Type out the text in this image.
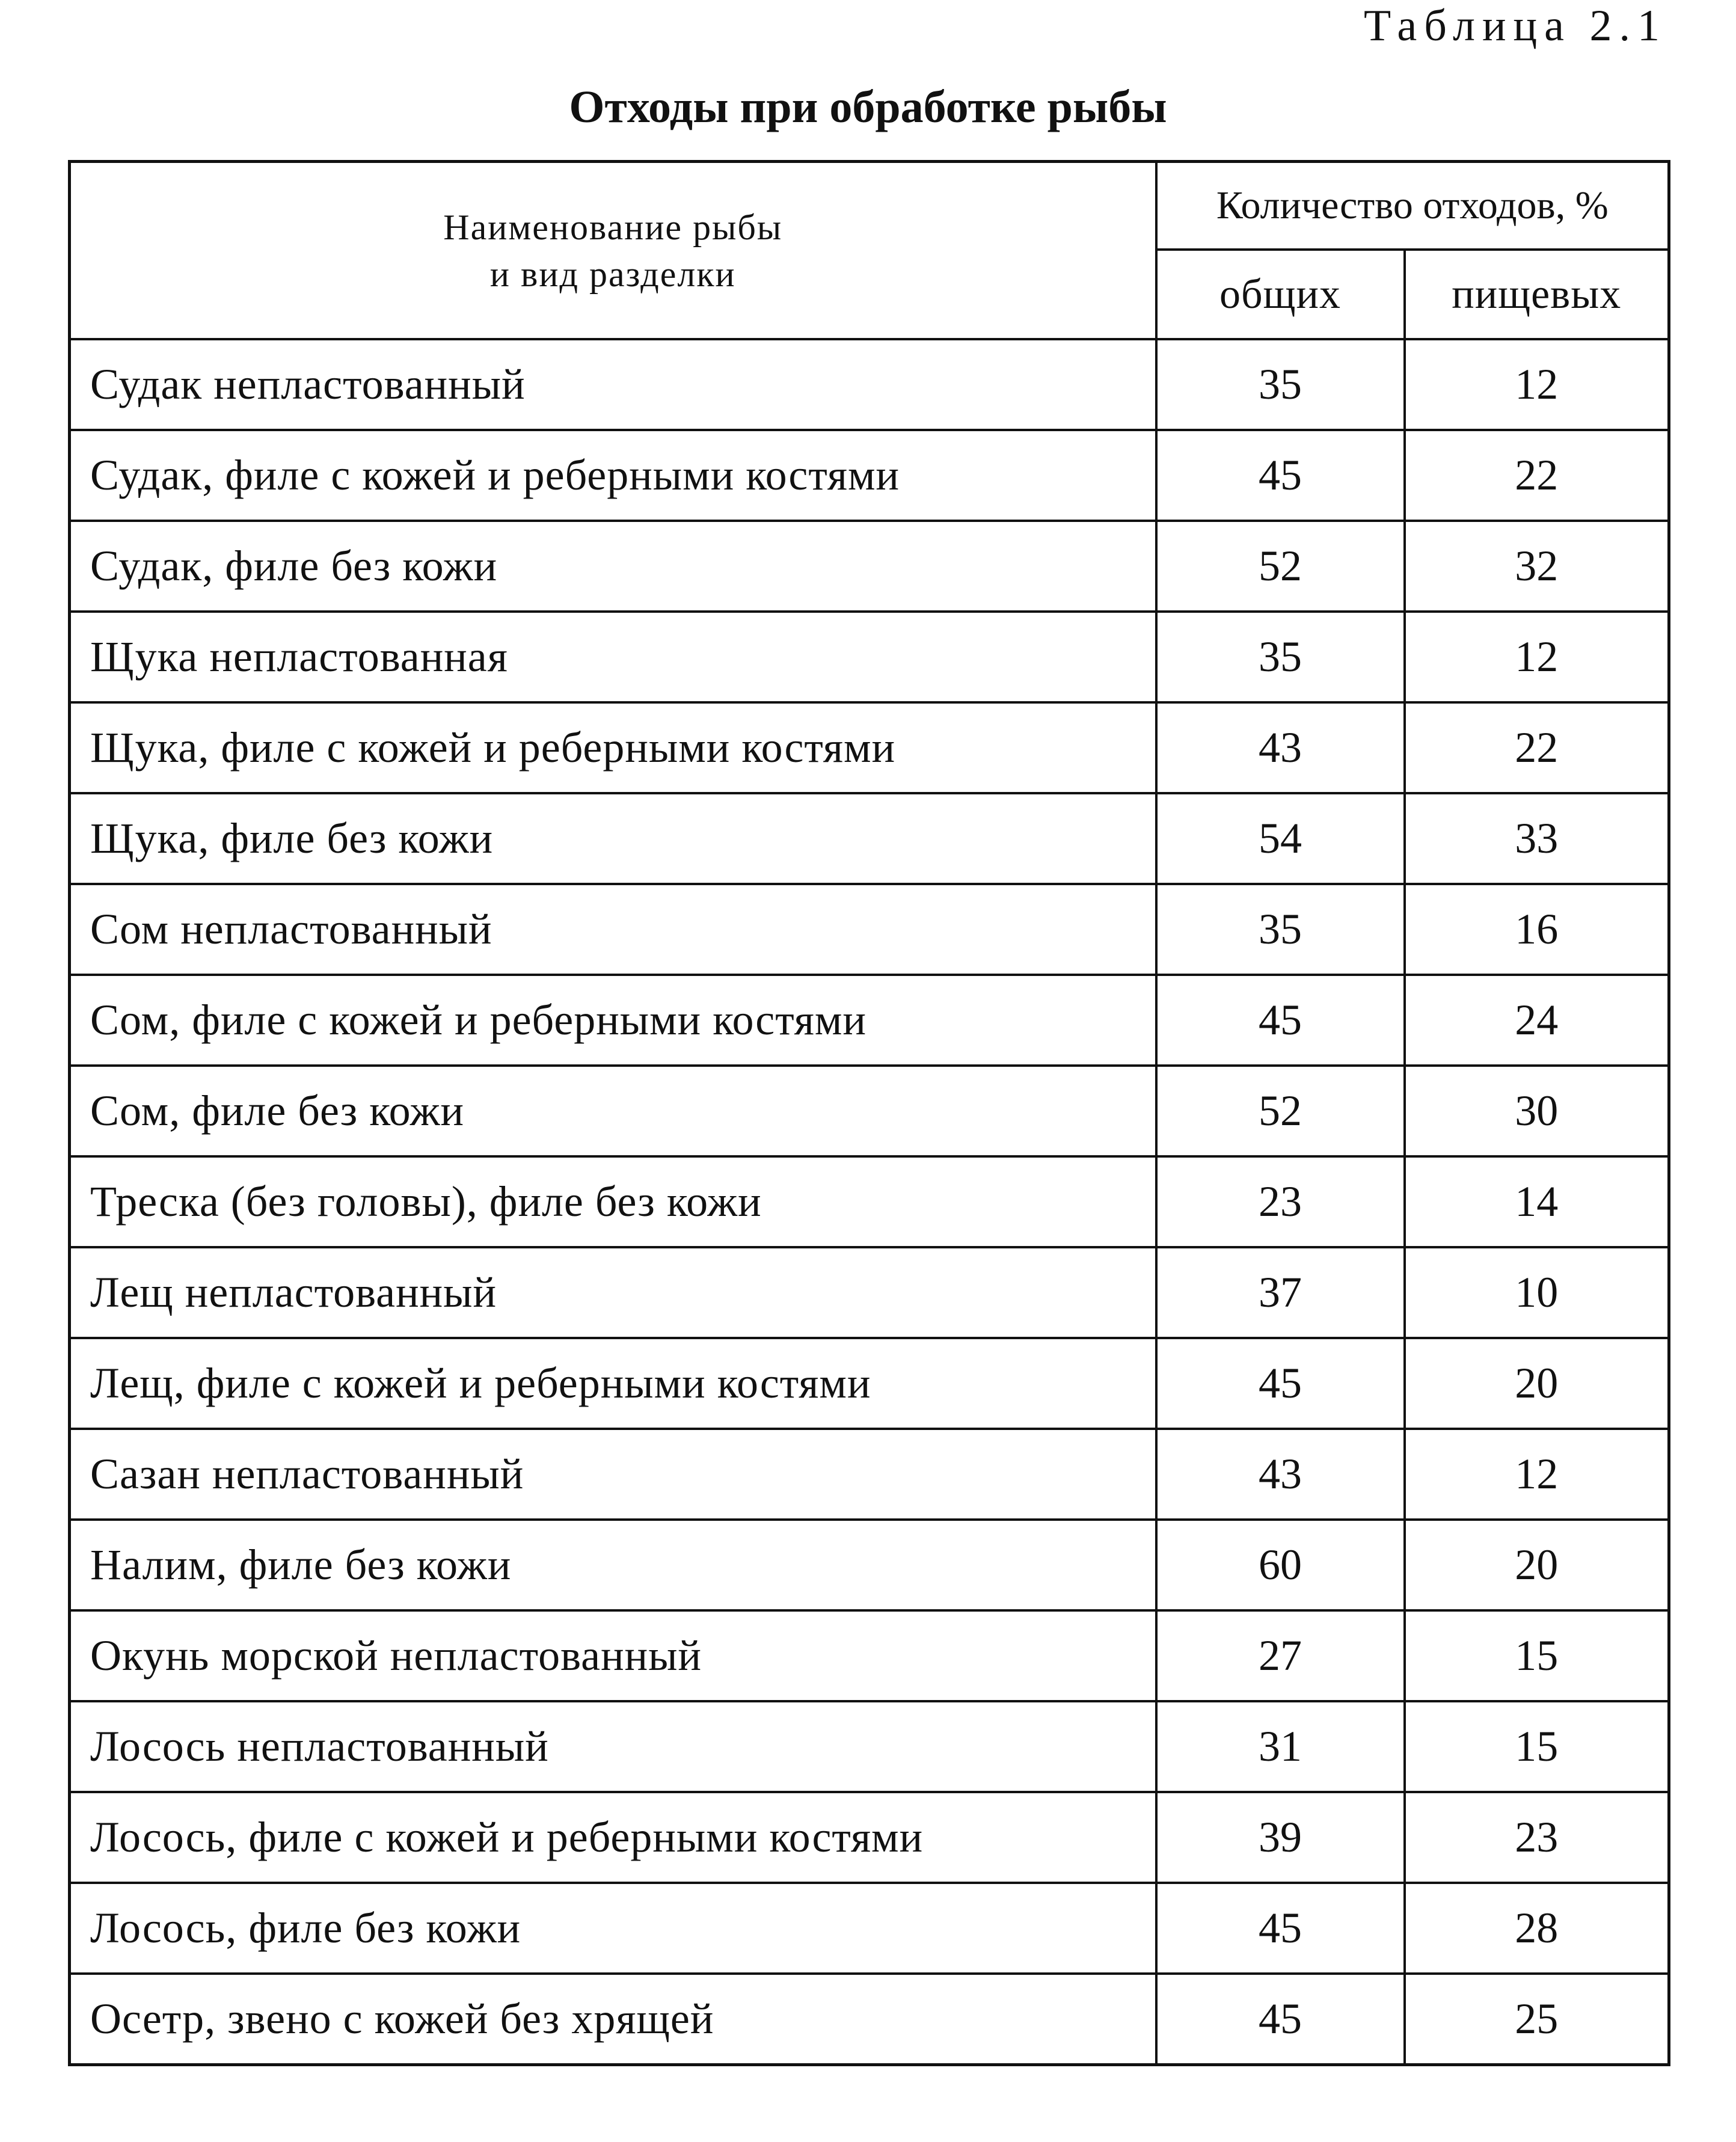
Таблица 2.1
Отходы при обработке рыбы
Наименование рыбы
и вид разделки	Количество отходов, %	
	общих	пищевых
Судак непластованный	35	12
Судак, филе с кожей и реберными костями	45	22
Судак, филе без кожи	52	32
Щука непластованная	35	12
Щука, филе с кожей и реберными костями	43	22
Щука, филе без кожи	54	33
Сом непластованный	35	16
Сом, филе с кожей и реберными костями	45	24
Сом, филе без кожи	52	30
Треска (без головы), филе без кожи	23	14
Лещ непластованный	37	10
Лещ, филе с кожей и реберными костями	45	20
Сазан непластованный	43	12
Налим, филе без кожи	60	20
Окунь морской непластованный	27	15
Лосось непластованный	31	15
Лосось, филе с кожей и реберными костями	39	23
Лосось, филе без кожи	45	28
Осетр, звено с кожей без хрящей	45	25
